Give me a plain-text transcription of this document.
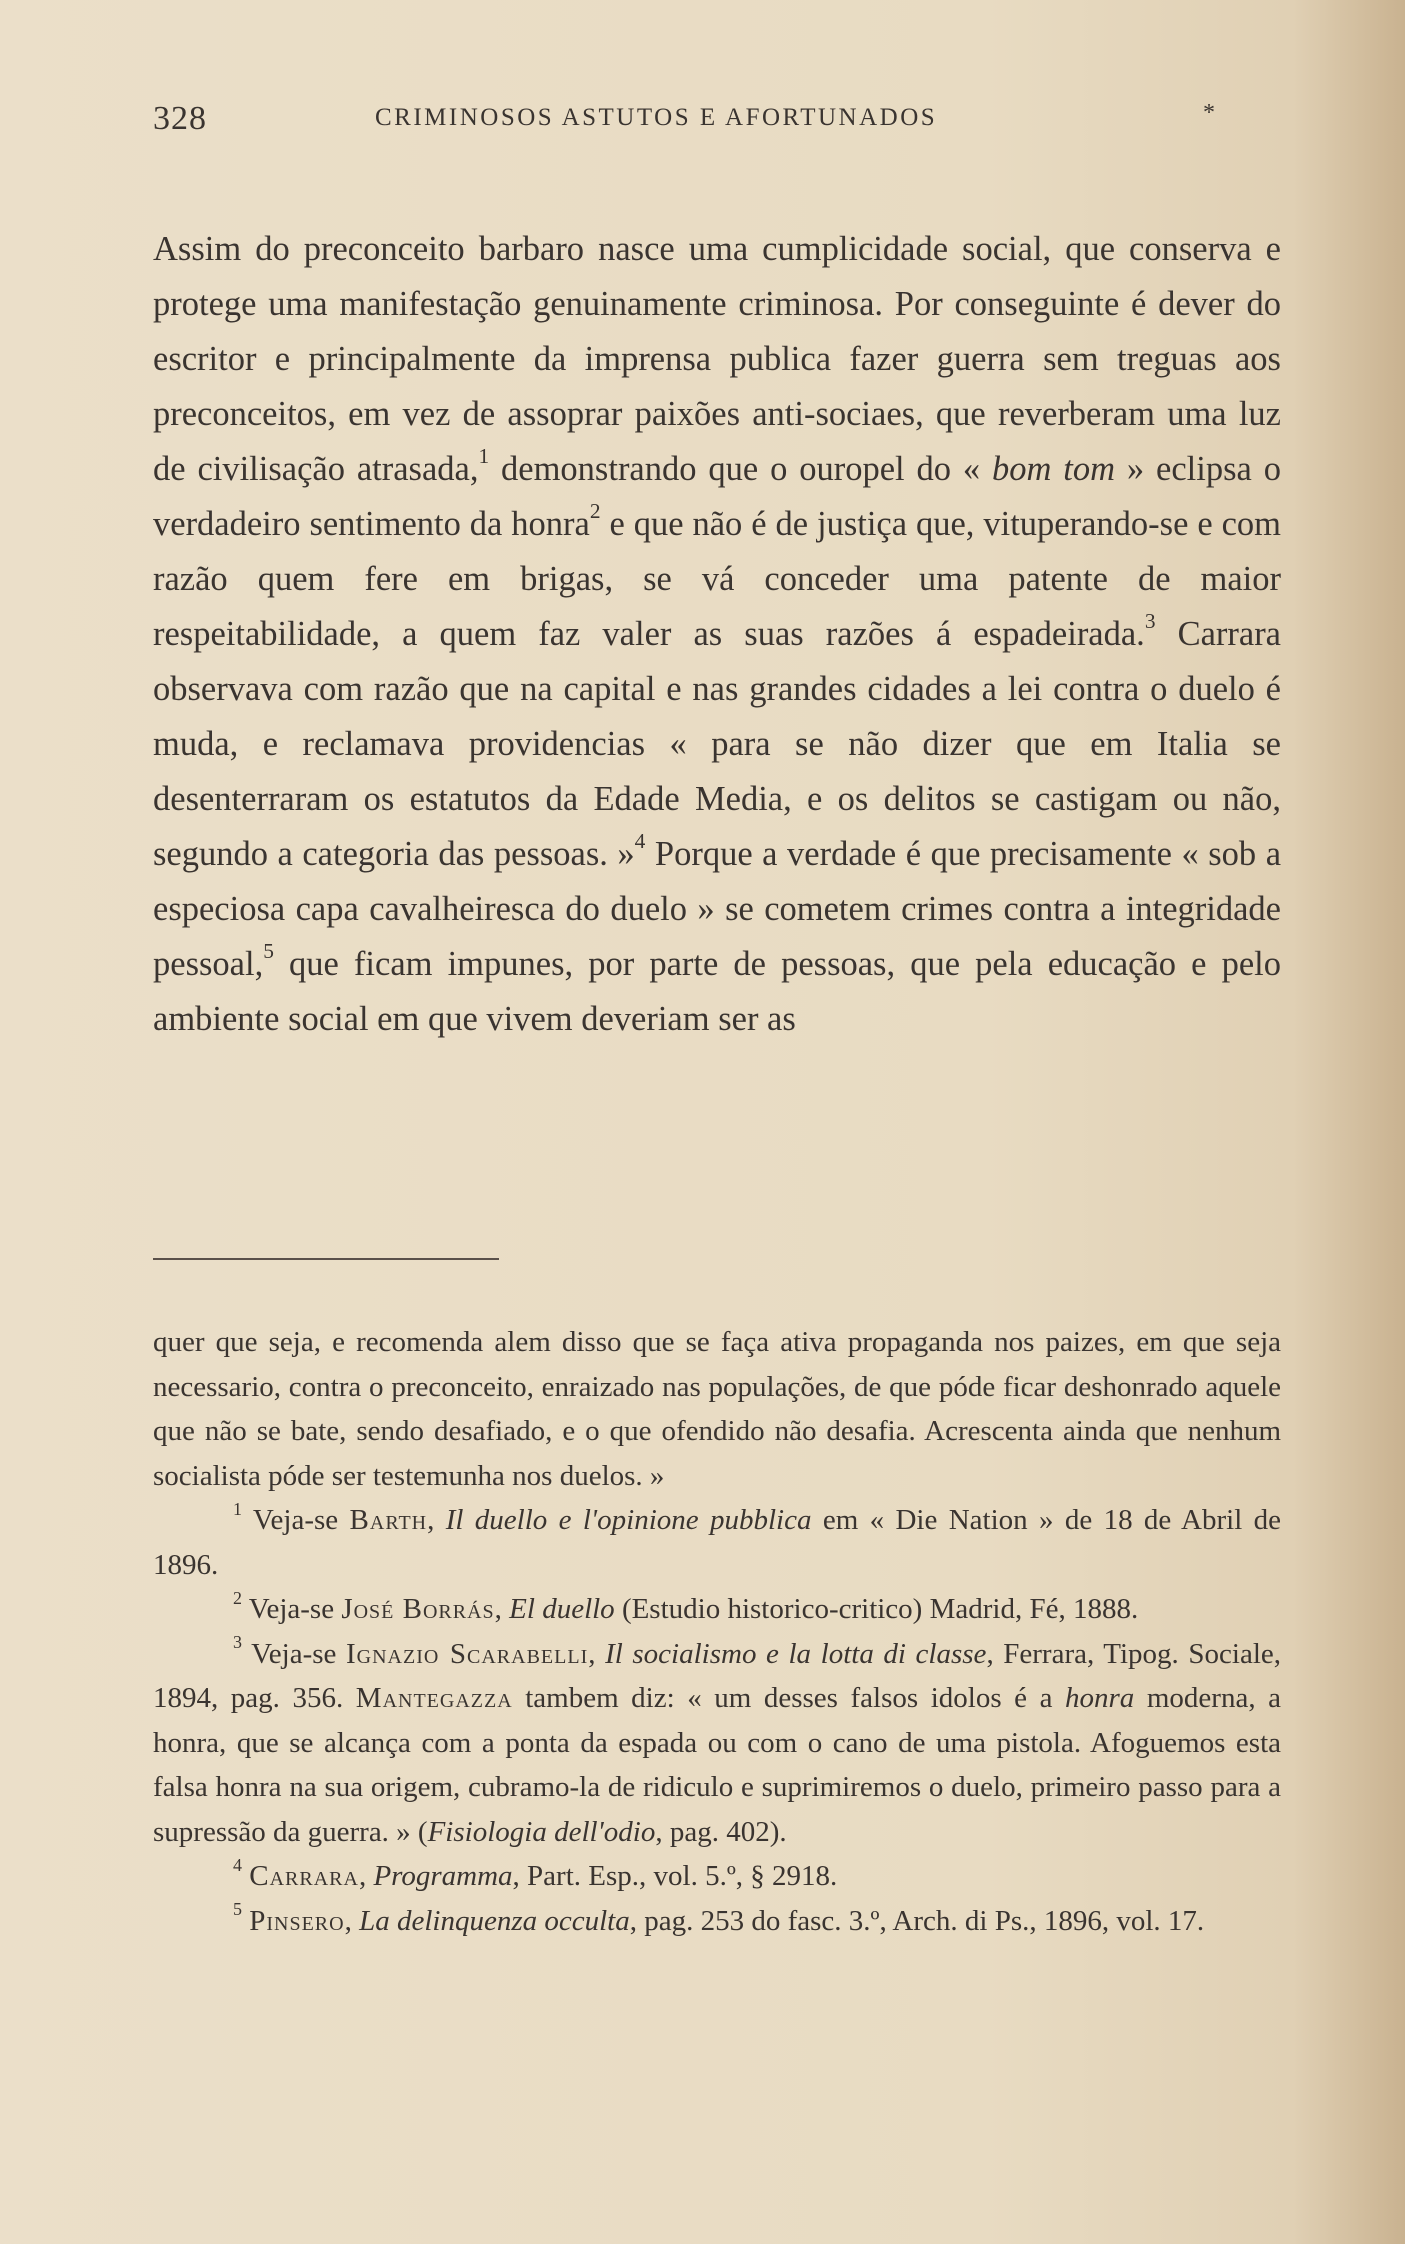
328	CRIMINOSOS ASTUTOS E AFORTUNADOS	*

Assim do preconceito barbaro nasce uma cumplicidade social, que conserva e protege uma manifestação genuinamente criminosa. Por conseguinte é dever do escritor e principalmente da imprensa publica fazer guerra sem treguas aos preconceitos, em vez de assoprar paixões anti-sociaes, que reverberam uma luz de civilisação atrasada,$^1$ demonstrando que o ouropel do « bom tom » eclipsa o verdadeiro sentimento da honra$^2$ e que não é de justiça que, vituperando-se e com razão quem fere em brigas, se vá conceder uma patente de maior respeitabilidade, a quem faz valer as suas razões á espadeirada.$^3$ Carrara observava com razão que na capital e nas grandes cidades a lei contra o duelo é muda, e reclamava providencias « para se não dizer que em Italia se desenterraram os estatutos da Edade Media, e os delitos se castigam ou não, segundo a categoria das pessoas. »$^4$ Porque a verdade é que precisamente « sob a especiosa capa cavalheiresca do duelo » se cometem crimes contra a integridade pessoal,$^5$ que ficam impunes, por parte de pessoas, que pela educação e pelo ambiente social em que vivem deveriam ser as

quer que seja, e recomenda alem disso que se faça ativa propaganda nos paizes, em que seja necessario, contra o preconceito, enraizado nas populações, de que póde ficar deshonrado aquele que não se bate, sendo desafiado, e o que ofendido não desafia. Acrescenta ainda que nenhum socialista póde ser testemunha nos duelos. »

$^1$ Veja-se Barth, Il duello e l'opinione pubblica em « Die Nation » de 18 de Abril de 1896.

$^2$ Veja-se José Borrás, El duello (Estudio historico-critico) Madrid, Fé, 1888.

$^3$ Veja-se Ignazio Scarabelli, Il socialismo e la lotta di classe, Ferrara, Tipog. Sociale, 1894, pag. 356. Mantegazza tambem diz: « um desses falsos idolos é a honra moderna, a honra, que se alcança com a ponta da espada ou com o cano de uma pistola. Afoguemos esta falsa honra na sua origem, cubramo-la de ridiculo e suprimiremos o duelo, primeiro passo para a supressão da guerra. » (Fisiologia dell'odio, pag. 402).

$^4$ Carrara, Programma, Part. Esp., vol. 5.º, § 2918.

$^5$ Pinsero, La delinquenza occulta, pag. 253 do fasc. 3.º, Arch. di Ps., 1896, vol. 17.
